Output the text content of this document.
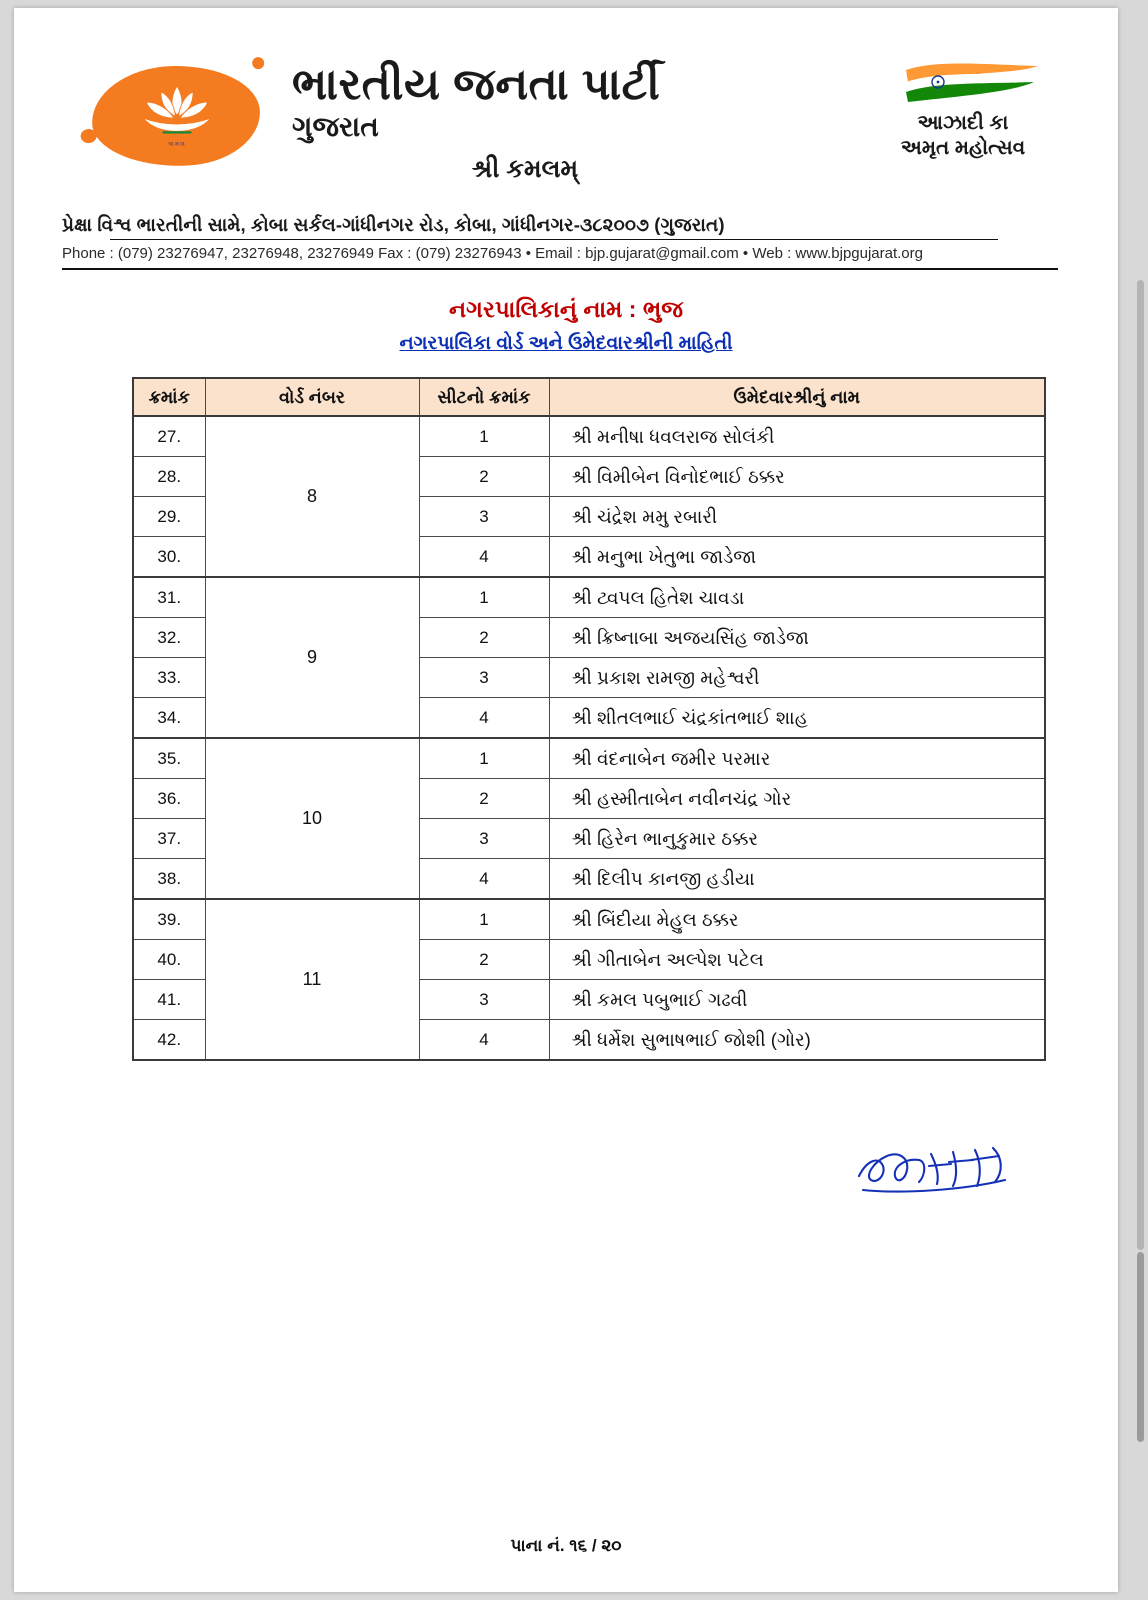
भा.ज.पा.
ભારતીય જનતા પાર્ટી
ગુજરાત
શ્રી કમલમ્
આઝાદી કા
અમૃત મહોત્સવ
પ્રેક્ષા વિશ્વ ભારતીની સામે, કોબા સર્કલ-ગાંધીનગર રોડ, કોબા, ગાંધીનગર-૩૮૨૦૦૭ (ગુજરાત)
Phone : (079) 23276947, 23276948, 23276949 Fax : (079) 23276943 • Email : bjp.gujarat@gmail.com • Web : www.bjpgujarat.org
નગરપાલિકાનું નામ : ભુજ
નગરપાલિકા વોર્ડ અને ઉમેદવારશ્રીની માહિતી
ક્રમાંક	વોર્ડ નંબર	સીટનો ક્રમાંક	ઉમેદવારશ્રીનું નામ
27.	8	1	શ્રી મનીષા ધવલરાજ સોલંકી
28.		2	શ્રી વિમીબેન વિનોદભાઈ ઠક્કર
29.		3	શ્રી ચંદ્રેશ મમુ રબારી
30.		4	શ્રી મનુભા ખેતુભા જાડેજા
31.	9	1	શ્રી ટ્વપલ હિતેશ ચાવડા
32.		2	શ્રી ક્રિષ્નાબા અજયસિંહ જાડેજા
33.		3	શ્રી પ્રકાશ રામજી મહેશ્વરી
34.		4	શ્રી શીતલભાઈ ચંદ્રકાંતભાઈ શાહ
35.	10	1	શ્રી વંદનાબેન જમીર પરમાર
36.		2	શ્રી હસ્મીતાબેન નવીનચંદ્ર ગોર
37.		3	શ્રી હિરેન ભાનુકુમાર ઠક્કર
38.		4	શ્રી દિલીપ કાનજી હડીયા
39.	11	1	શ્રી બિંદીયા મેહુલ ઠક્કર
40.		2	શ્રી ગીતાબેન અલ્પેશ પટેલ
41.		3	શ્રી કમલ પબુભાઈ ગઢવી
42.		4	શ્રી ધર્મેશ સુભાષભાઈ જોશી (ગોર)
પાના નં. ૧૬ / ૨૦
